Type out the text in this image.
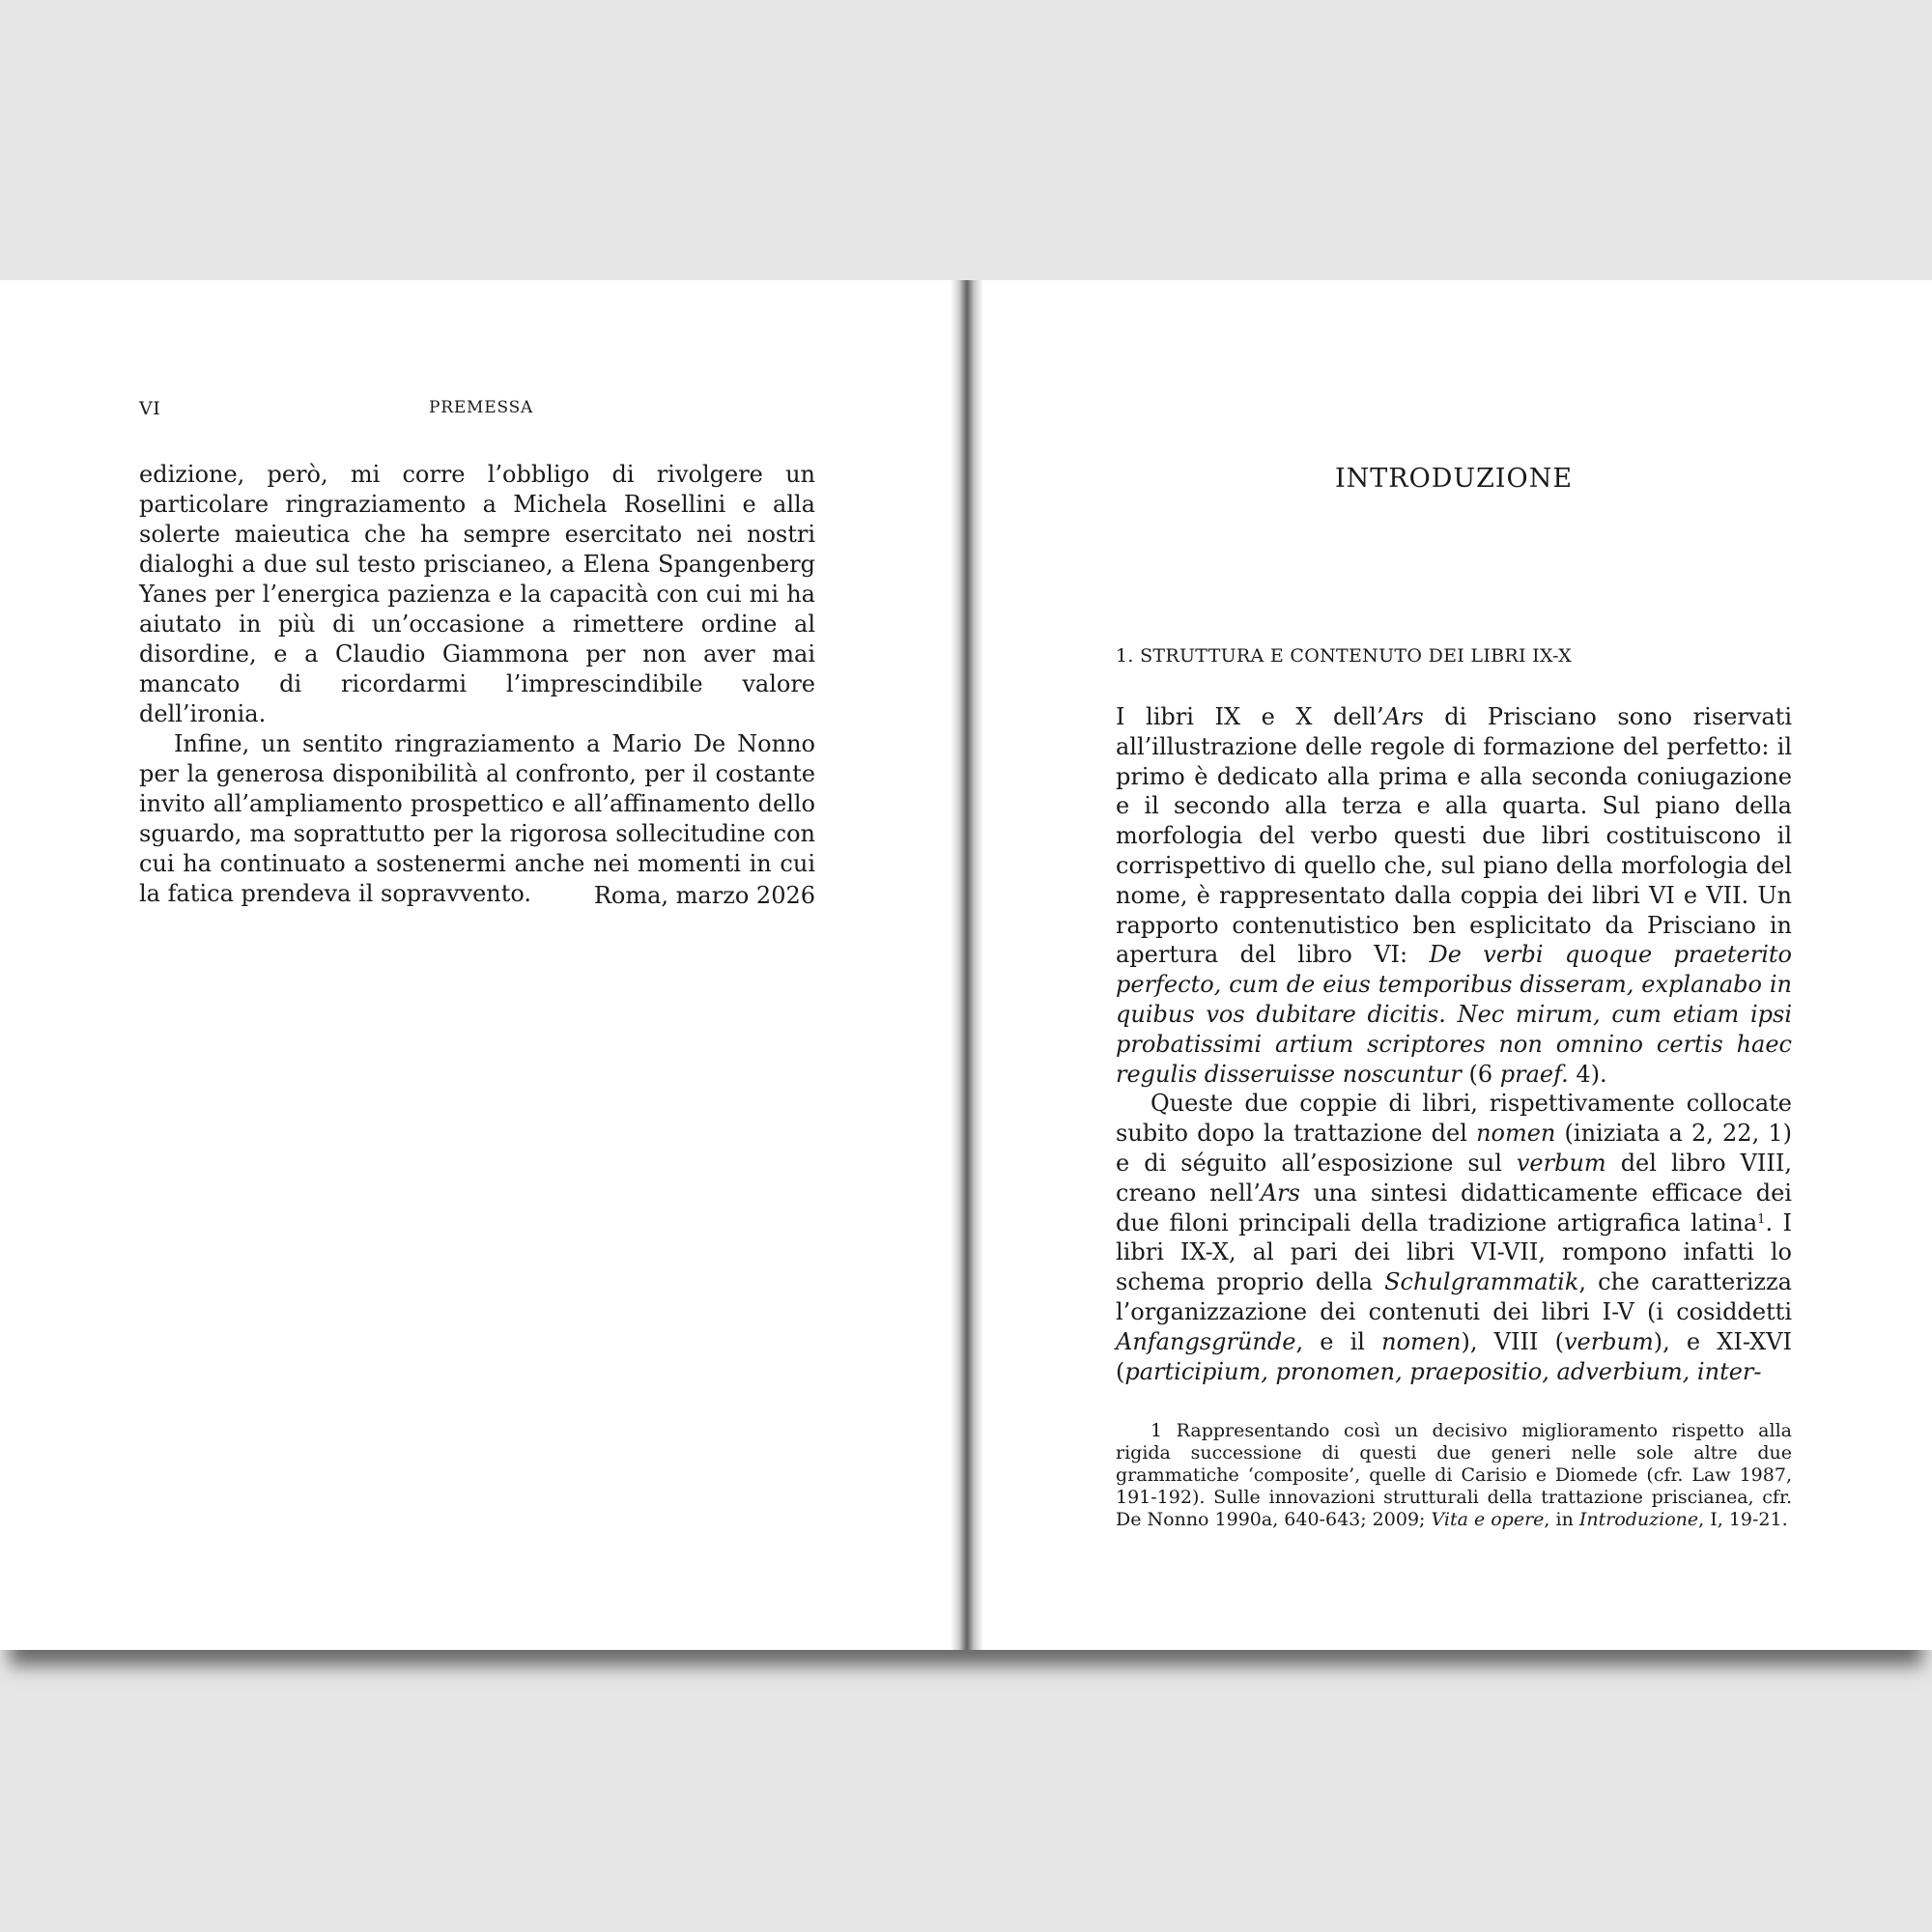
VI	PREMESSA

edizione, però, mi corre l’obbligo di rivolgere un particolare ringraziamento a Michela Rosellini e alla solerte maieutica che ha sempre esercitato nei nostri dialoghi a due sul testo priscianeo, a Elena Spangenberg Yanes per l’energica pazienza e la capacità con cui mi ha aiutato in più di un’occasione a rimettere ordine al disordine, e a Claudio Giammona per non aver mai mancato di ricordarmi l’imprescindibile valore dell’ironia.

Infine, un sentito ringraziamento a Mario De Nonno per la generosa disponibilità al confronto, per il costante invito all’ampliamento prospettico e all’affinamento dello sguardo, ma soprattutto per la rigorosa sollecitudine con cui ha continuato a sostenermi anche nei momenti in cui la fatica prendeva il sopravvento.	Roma, marzo 2026
INTRODUZIONE
1. STRUTTURA E CONTENUTO DEI LIBRI IX-X

I libri IX e X dell’Ars di Prisciano sono riservati all’illustrazione delle regole di formazione del perfetto: il primo è dedicato alla prima e alla seconda coniugazione e il secondo alla terza e alla quarta. Sul piano della morfologia del verbo questi due libri costituiscono il corrispettivo di quello che, sul piano della morfologia del nome, è rappresentato dalla coppia dei libri VI e VII. Un rapporto contenutistico ben esplicitato da Prisciano in apertura del libro VI: De verbi quoque praeterito perfecto, cum de eius temporibus disseram, explanabo in quibus vos dubitare dicitis. Nec mirum, cum etiam ipsi probatissimi artium scriptores non omnino certis haec regulis disseruisse noscuntur (6 praef. 4).

Queste due coppie di libri, rispettivamente collocate subito dopo la trattazione del nomen (iniziata a 2, 22, 1) e di séguito all’esposizione sul verbum del libro VIII, creano nell’Ars una sintesi didatticamente efficace dei due filoni principali della tradizione artigrafica latina$^1$. I libri IX-X, al pari dei libri VI-VII, rompono infatti lo schema proprio della Schulgrammatik, che caratterizza l’organizzazione dei contenuti dei libri I-V (i cosiddetti Anfangsgründe, e il nomen), VIII (verbum), e XI-XVI (participium, pronomen, praepositio, adverbium, inter-

1 Rappresentando così un decisivo miglioramento rispetto alla rigida successione di questi due generi nelle sole altre due grammatiche ‘composite’, quelle di Carisio e Diomede (cfr. Law 1987, 191-192). Sulle innovazioni strutturali della trattazione priscianea, cfr. De Nonno 1990a, 640-643; 2009; Vita e opere, in Introduzione, I, 19-21.
